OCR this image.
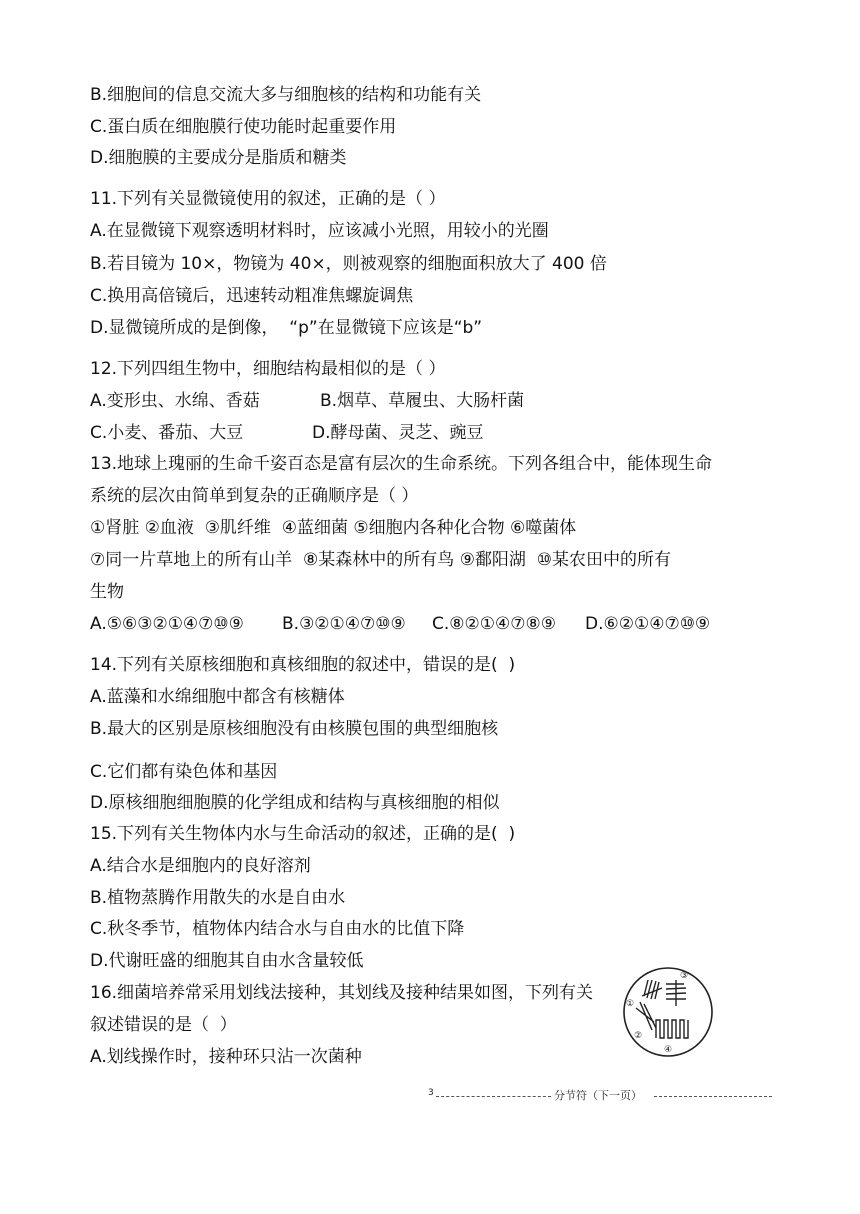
B.细胞间的信息交流大多与细胞核的结构和功能有关
C.蛋白质在细胞膜行使功能时起重要作用
D.细胞膜的主要成分是脂质和糖类
11.下列有关显微镜使用的叙述，正确的是（ ）
A.在显微镜下观察透明材料时，应该减小光照，用较小的光圈
B.若目镜为 10×，物镜为 40×，则被观察的细胞面积放大了 400 倍
C.换用高倍镜后，迅速转动粗准焦螺旋调焦
D.显微镜所成的是倒像，  “p”在显微镜下应该是“b”
12.下列四组生物中，细胞结构最相似的是（ ）
A.变形虫、水绵、香菇	B.烟草、草履虫、大肠杆菌
C.小麦、番茄、大豆	D.酵母菌、灵芝、豌豆
13.地球上瑰丽的生命千姿百态是富有层次的生命系统。下列各组合中，能体现生命
系统的层次由简单到复杂的正确顺序是（ ）
①肾脏 ②血液  ③肌纤维  ④蓝细菌 ⑤细胞内各种化合物 ⑥噬菌体
⑦同一片草地上的所有山羊  ⑧某森林中的所有鸟 ⑨鄱阳湖  ⑩某农田中的所有
生物
A.⑤⑥③②①④⑦⑩⑨ B.③②①④⑦⑩⑨ C.⑧②①④⑦⑧⑨ D.⑥②①④⑦⑩⑨
14.下列有关原核细胞和真核细胞的叙述中，错误的是(  )
A.蓝藻和水绵细胞中都含有核糖体
B.最大的区别是原核细胞没有由核膜包围的典型细胞核
C.它们都有染色体和基因
D.原核细胞细胞膜的化学组成和结构与真核细胞的相似
15.下列有关生物体内水与生命活动的叙述，正确的是(  )
A.结合水是细胞内的良好溶剂
B.植物蒸腾作用散失的水是自由水
C.秋冬季节，植物体内结合水与自由水的比值下降
D.代谢旺盛的细胞其自由水含量较低
16.细菌培养常采用划线法接种，其划线及接种结果如图，下列有关
叙述错误的是（  ）
A.划线操作时，接种环只沾一次菌种
③
①
②
④

3

	分节符（下一页）
